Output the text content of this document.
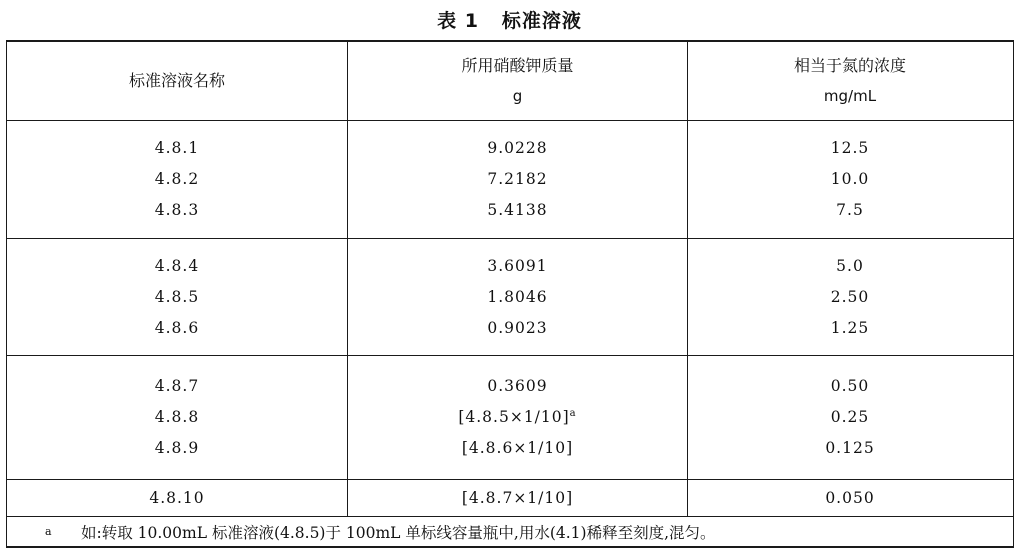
表 1   标准溶液
标准溶液名称
所用硝酸钾质量
g
相当于氮的浓度
mg/mL
4.8.1
4.8.2
4.8.3
9.0228
7.2182
5.4138
12.5
10.0
7.5
4.8.4
4.8.5
4.8.6
3.6091
1.8046
0.9023
5.0
2.50
1.25
4.8.7
4.8.8
4.8.9
0.3609
$[4.8.5\times 1/10]^a$
[4.8.6×1/10]
0.50
0.25
0.125
4.8.10	[4.8.7×1/10]	0.050
a 如:转取 10.00mL 标准溶液(4.8.5)于 100mL 单标线容量瓶中,用水(4.1)稀释至刻度,混匀。
